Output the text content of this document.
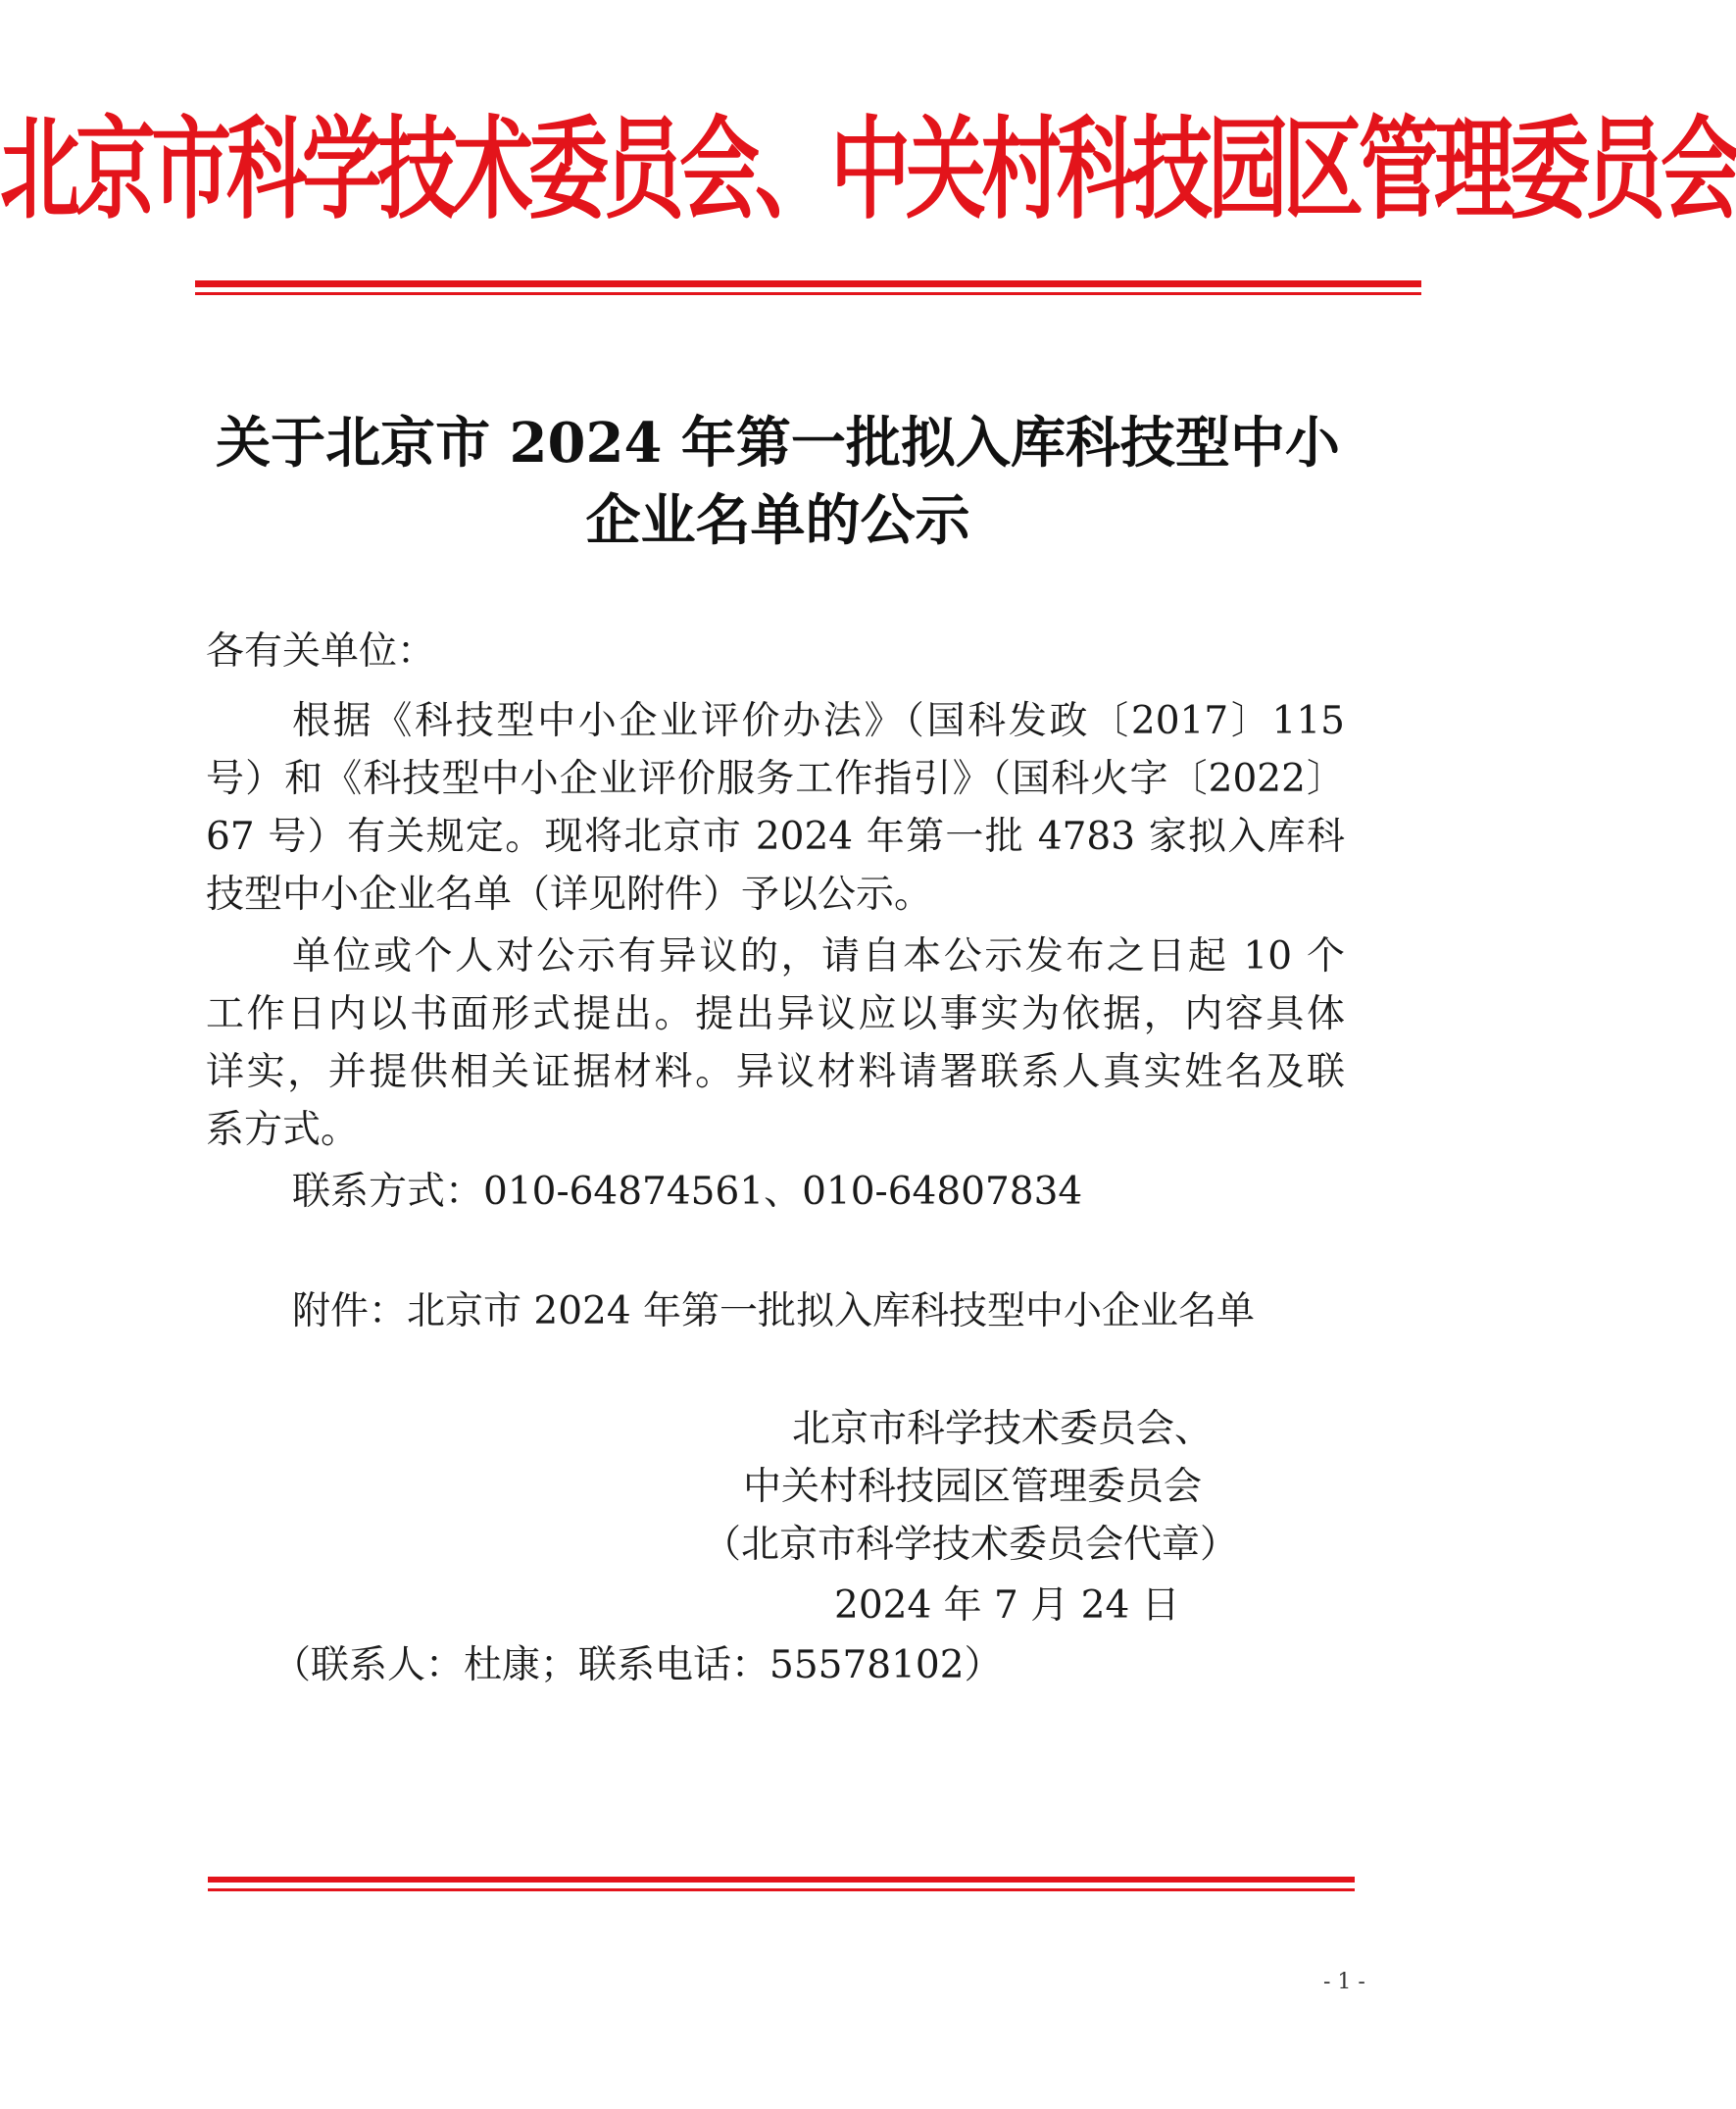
北京市科学技术委员会、中关村科技园区管理委员会
关于北京市 2024 年第一批拟入库科技型中小
企业名单的公示
各有关单位：
根据《科技型中小企业评价办法》（国科发政〔2017〕115
号）和《科技型中小企业评价服务工作指引》（国科火字〔2022〕
67 号）有关规定。现将北京市 2024 年第一批 4783 家拟入库科
技型中小企业名单（详见附件）予以公示。
单位或个人对公示有异议的，请自本公示发布之日起 10 个
工作日内以书面形式提出。提出异议应以事实为依据，内容具体
详实，并提供相关证据材料。异议材料请署联系人真实姓名及联
系方式。
联系方式：010-64874561、010-64807834
附件：北京市 2024 年第一批拟入库科技型中小企业名单
北京市科学技术委员会、
中关村科技园区管理委员会
（北京市科学技术委员会代章）
2024 年 7 月 24 日
（联系人：杜康；联系电话：55578102）
- 1 -
